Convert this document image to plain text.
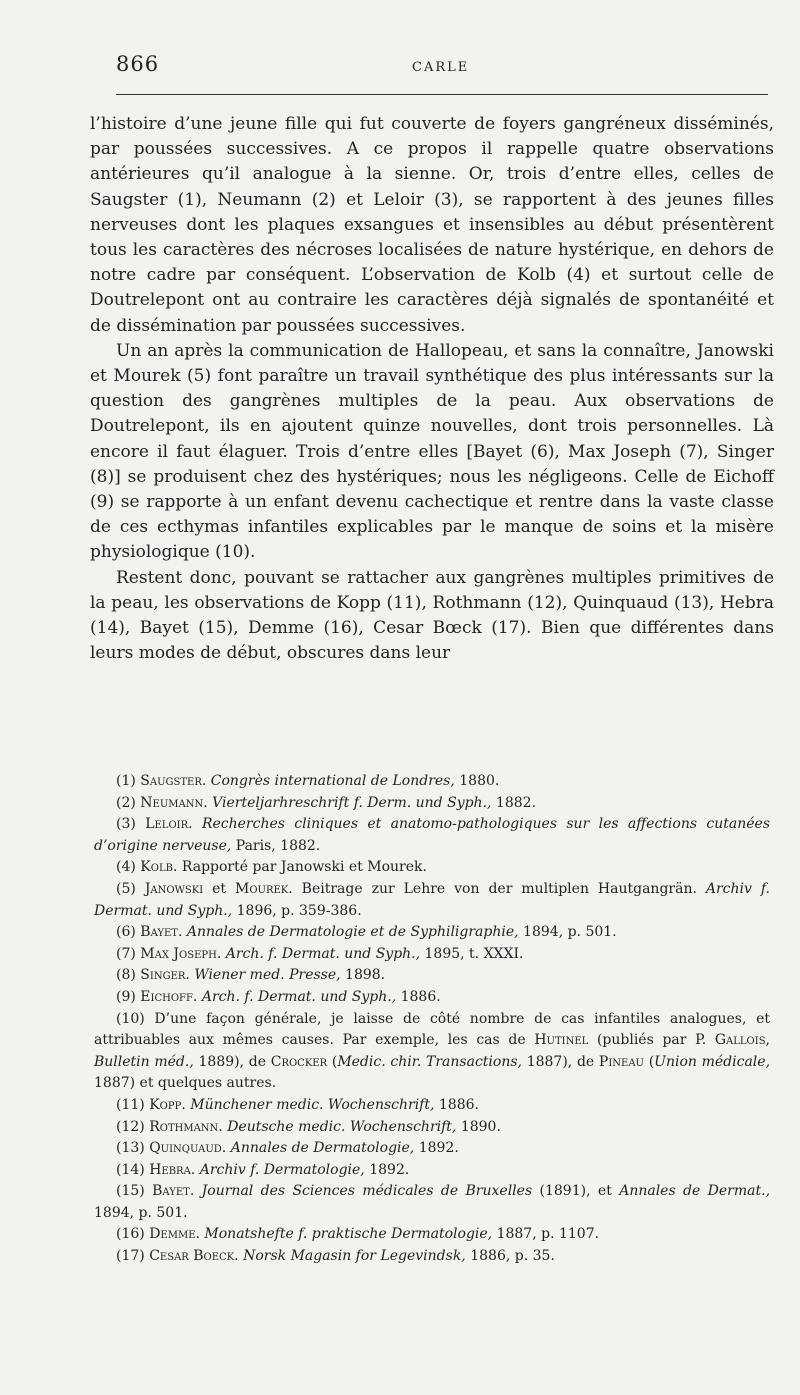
866	CARLE

l’histoire d’une jeune fille qui fut couverte de foyers gangréneux disséminés, par poussées successives. A ce propos il rappelle quatre observations antérieures qu’il analogue à la sienne. Or, trois d’entre elles, celles de Saugster (1), Neumann (2) et Leloir (3), se rapportent à des jeunes filles nerveuses dont les plaques exsangues et insensibles au début présentèrent tous les caractères des nécroses localisées de nature hystérique, en dehors de notre cadre par conséquent. L’observation de Kolb (4) et surtout celle de Doutrelepont ont au contraire les caractères déjà signalés de spontanéité et de dissémination par poussées successives.

Un an après la communication de Hallopeau, et sans la connaître, Janowski et Mourek (5) font paraître un travail synthétique des plus intéressants sur la question des gangrènes multiples de la peau. Aux observations de Doutrelepont, ils en ajoutent quinze nouvelles, dont trois personnelles. Là encore il faut élaguer. Trois d’entre elles [Bayet (6), Max Joseph (7), Singer (8)] se produisent chez des hystériques; nous les négligeons. Celle de Eichoff (9) se rapporte à un enfant devenu cachectique et rentre dans la vaste classe de ces ecthymas infantiles explicables par le manque de soins et la misère physiologique (10).

Restent donc, pouvant se rattacher aux gangrènes multiples primitives de la peau, les observations de Kopp (11), Rothmann (12), Quinquaud (13), Hebra (14), Bayet (15), Demme (16), Cesar Bœck (17). Bien que différentes dans leurs modes de début, obscures dans leur

(1) Saugster. Congrès international de Londres, 1880.

(2) Neumann. Vierteljarhreschrift f. Derm. und Syph., 1882.

(3) Leloir. Recherches cliniques et anatomo-pathologiques sur les affections cutanées d’origine nerveuse, Paris, 1882.

(4) Kolb. Rapporté par Janowski et Mourek.

(5) Janowski et Mourek. Beitrage zur Lehre von der multiplen Hautgangrän. Archiv f. Dermat. und Syph., 1896, p. 359-386.

(6) Bayet. Annales de Dermatologie et de Syphiligraphie, 1894, p. 501.

(7) Max Joseph. Arch. f. Dermat. und Syph., 1895, t. XXXI.

(8) Singer. Wiener med. Presse, 1898.

(9) Eichoff. Arch. f. Dermat. und Syph., 1886.

(10) D’une façon générale, je laisse de côté nombre de cas infantiles analogues, et attribuables aux mêmes causes. Par exemple, les cas de Hutinel (publiés par P. Gallois, Bulletin méd., 1889), de Crocker (Medic. chir. Transactions, 1887), de Pineau (Union médicale, 1887) et quelques autres.

(11) Kopp. Münchener medic. Wochenschrift, 1886.

(12) Rothmann. Deutsche medic. Wochenschrift, 1890.

(13) Quinquaud. Annales de Dermatologie, 1892.

(14) Hebra. Archiv f. Dermatologie, 1892.

(15) Bayet. Journal des Sciences médicales de Bruxelles (1891), et Annales de Dermat., 1894, p. 501.

(16) Demme. Monatshefte f. praktische Dermatologie, 1887, p. 1107.

(17) Cesar Boeck. Norsk Magasin for Legevindsk, 1886, p. 35.
